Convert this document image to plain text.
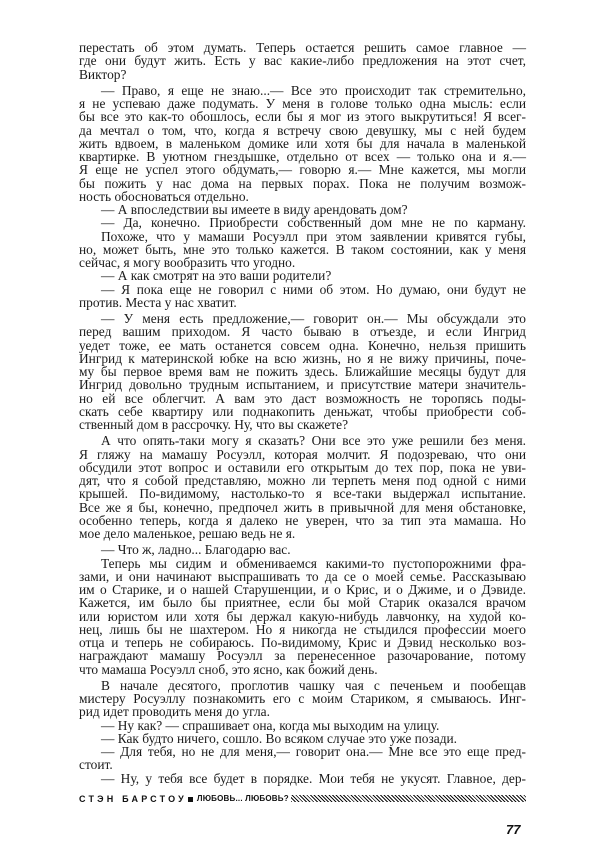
перестать об этом думать. Теперь остается решить самое главное —
где они будут жить. Есть у вас какие-либо предложения на этот счет,
Виктор?
— Право, я еще не знаю...— Все это происходит так стремительно,
я не успеваю даже подумать. У меня в голове только одна мысль: если
бы все это как-то обошлось, если бы я мог из этого выкрутиться! Я всег-
да мечтал о том, что, когда я встречу свою девушку, мы с ней будем
жить вдвоем, в маленьком домике или хотя бы для начала в маленькой
квартирке. В уютном гнездышке, отдельно от всех — только она и я.—
Я еще не успел этого обдумать,— говорю я.— Мне кажется, мы могли
бы пожить у нас дома на первых порах. Пока не получим возмож-
ность обосноваться отдельно.
— А впоследствии вы имеете в виду арендовать дом?
— Да, конечно. Приобрести собственный дом мне не по карману.
Похоже, что у мамаши Росуэлл при этом заявлении кривятся губы,
но, может быть, мне это только кажется. В таком состоянии, как у меня
сейчас, я могу вообразить что угодно.
— А как смотрят на это ваши родители?
— Я пока еще не говорил с ними об этом. Но думаю, они будут не
против. Места у нас хватит.
— У меня есть предложение,— говорит он.— Мы обсуждали это
перед вашим приходом. Я часто бываю в отъезде, и если Ингрид
уедет тоже, ее мать останется совсем одна. Конечно, нельзя пришить
Ингрид к материнской юбке на всю жизнь, но я не вижу причины, поче-
му бы первое время вам не пожить здесь. Ближайшие месяцы будут для
Ингрид довольно трудным испытанием, и присутствие матери значитель-
но ей все облегчит. А вам это даст возможность не торопясь поды-
скать себе квартиру или поднакопить деньжат, чтобы приобрести соб-
ственный дом в рассрочку. Ну, что вы скажете?
А что опять-таки могу я сказать? Они все это уже решили без меня.
Я гляжу на мамашу Росуэлл, которая молчит. Я подозреваю, что они
обсудили этот вопрос и оставили его открытым до тех пор, пока не уви-
дят, что я собой представляю, можно ли терпеть меня под одной с ними
крышей. По-видимому, настолько-то я все-таки выдержал испытание.
Все же я бы, конечно, предпочел жить в привычной для меня обстановке,
особенно теперь, когда я далеко не уверен, что за тип эта мамаша. Но
мое дело маленькое, решаю ведь не я.
— Что ж, ладно... Благодарю вас.
Теперь мы сидим и обмениваемся какими-то пустопорожними фра-
зами, и они начинают выспрашивать то да се о моей семье. Рассказываю
им о Старике, и о нашей Старушенции, и о Крис, и о Джиме, и о Дэвиде.
Кажется, им было бы приятнее, если бы мой Старик оказался врачом
или юристом или хотя бы держал какую-нибудь лавчонку, на худой ко-
нец, лишь бы не шахтером. Но я никогда не стыдился профессии моего
отца и теперь не собираюсь. По-видимому, Крис и Дэвид несколько воз-
награждают мамашу Росуэлл за перенесенное разочарование, потому
что мамаша Росуэлл сноб, это ясно, как божий день.
В начале десятого, проглотив чашку чая с печеньем и пообещав
мистеру Росуэллу познакомить его с моим Стариком, я смываюсь. Инг-
рид идет проводить меня до угла.
— Ну как? — спрашивает она, когда мы выходим на улицу.
— Как будто ничего, сошло. Во всяком случае это уже позади.
— Для тебя, но не для меня,— говорит она.— Мне все это еще пред-
стоит.
— Ну, у тебя все будет в порядке. Мои тебя не укусят. Главное, дер-
СТЭН БАРСТОУ ЛЮБОВЬ... ЛЮБОВЬ?
77
